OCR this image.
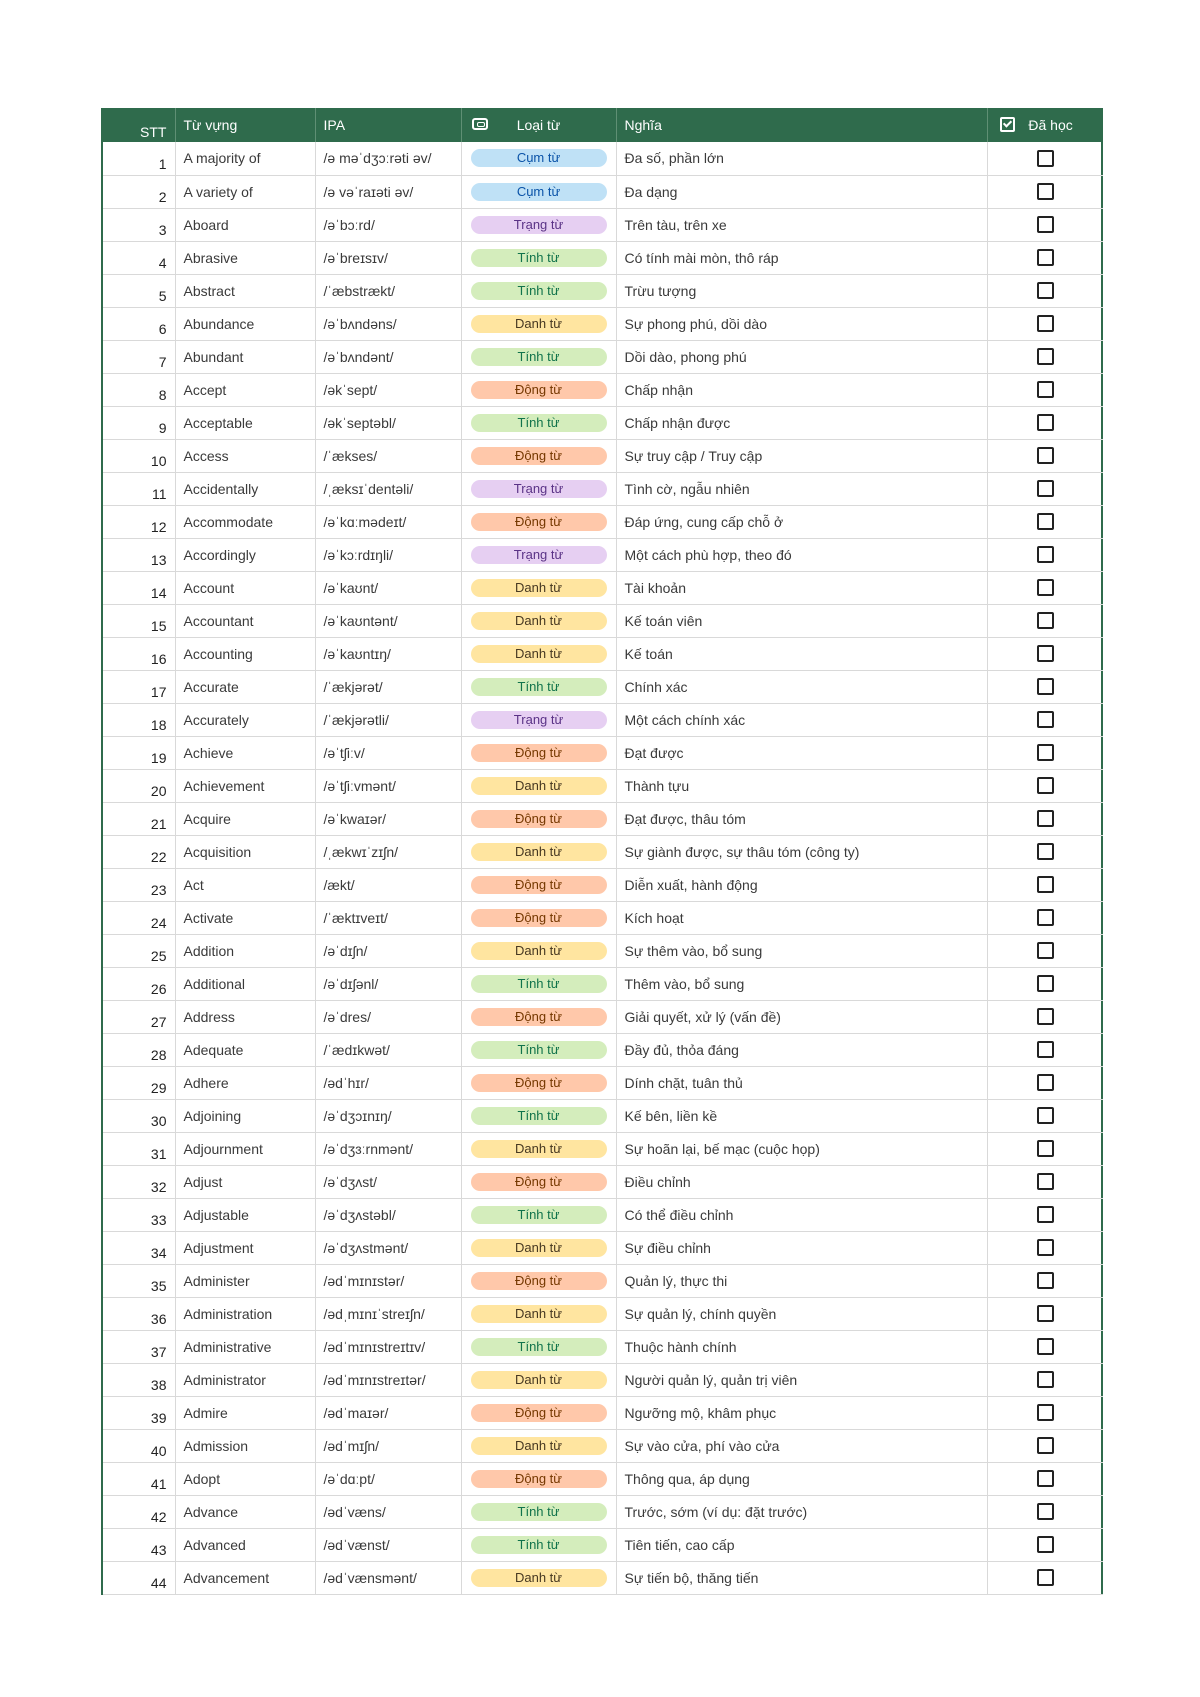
STT	Từ vựng	IPA	Loại từ	Nghĩa	Đã học
1	A majority of	/ə məˈdʒɔːrəti əv/	Cụm từ	Đa số, phần lớn	
2	A variety of	/ə vəˈraɪəti əv/	Cụm từ	Đa dạng	
3	Aboard	/əˈbɔːrd/	Trạng từ	Trên tàu, trên xe	
4	Abrasive	/əˈbreɪsɪv/	Tính từ	Có tính mài mòn, thô ráp	
5	Abstract	/ˈæbstrækt/	Tính từ	Trừu tượng	
6	Abundance	/əˈbʌndəns/	Danh từ	Sự phong phú, dồi dào	
7	Abundant	/əˈbʌndənt/	Tính từ	Dồi dào, phong phú	
8	Accept	/əkˈsept/	Động từ	Chấp nhận	
9	Acceptable	/əkˈseptəbl/	Tính từ	Chấp nhận được	
10	Access	/ˈækses/	Động từ	Sự truy cập / Truy cập	
11	Accidentally	/ˌæksɪˈdentəli/	Trạng từ	Tình cờ, ngẫu nhiên	
12	Accommodate	/əˈkɑːmədeɪt/	Động từ	Đáp ứng, cung cấp chỗ ở	
13	Accordingly	/əˈkɔːrdɪŋli/	Trạng từ	Một cách phù hợp, theo đó	
14	Account	/əˈkaʊnt/	Danh từ	Tài khoản	
15	Accountant	/əˈkaʊntənt/	Danh từ	Kế toán viên	
16	Accounting	/əˈkaʊntɪŋ/	Danh từ	Kế toán	
17	Accurate	/ˈækjərət/	Tính từ	Chính xác	
18	Accurately	/ˈækjərətli/	Trạng từ	Một cách chính xác	
19	Achieve	/əˈtʃiːv/	Động từ	Đạt được	
20	Achievement	/əˈtʃiːvmənt/	Danh từ	Thành tựu	
21	Acquire	/əˈkwaɪər/	Động từ	Đạt được, thâu tóm	
22	Acquisition	/ˌækwɪˈzɪʃn/	Danh từ	Sự giành được, sự thâu tóm (công ty)	
23	Act	/ækt/	Động từ	Diễn xuất, hành động	
24	Activate	/ˈæktɪveɪt/	Động từ	Kích hoạt	
25	Addition	/əˈdɪʃn/	Danh từ	Sự thêm vào, bổ sung	
26	Additional	/əˈdɪʃənl/	Tính từ	Thêm vào, bổ sung	
27	Address	/əˈdres/	Động từ	Giải quyết, xử lý (vấn đề)	
28	Adequate	/ˈædɪkwət/	Tính từ	Đầy đủ, thỏa đáng	
29	Adhere	/ədˈhɪr/	Động từ	Dính chặt, tuân thủ	
30	Adjoining	/əˈdʒɔɪnɪŋ/	Tính từ	Kế bên, liền kề	
31	Adjournment	/əˈdʒɜːrnmənt/	Danh từ	Sự hoãn lại, bế mạc (cuộc họp)	
32	Adjust	/əˈdʒʌst/	Động từ	Điều chỉnh	
33	Adjustable	/əˈdʒʌstəbl/	Tính từ	Có thể điều chỉnh	
34	Adjustment	/əˈdʒʌstmənt/	Danh từ	Sự điều chỉnh	
35	Administer	/ədˈmɪnɪstər/	Động từ	Quản lý, thực thi	
36	Administration	/ədˌmɪnɪˈstreɪʃn/	Danh từ	Sự quản lý, chính quyền	
37	Administrative	/ədˈmɪnɪstreɪtɪv/	Tính từ	Thuộc hành chính	
38	Administrator	/ədˈmɪnɪstreɪtər/	Danh từ	Người quản lý, quản trị viên	
39	Admire	/ədˈmaɪər/	Động từ	Ngưỡng mộ, khâm phục	
40	Admission	/ədˈmɪʃn/	Danh từ	Sự vào cửa, phí vào cửa	
41	Adopt	/əˈdɑːpt/	Động từ	Thông qua, áp dụng	
42	Advance	/ədˈvæns/	Tính từ	Trước, sớm (ví dụ: đặt trước)	
43	Advanced	/ədˈvænst/	Tính từ	Tiên tiến, cao cấp	
44	Advancement	/ədˈvænsmənt/	Danh từ	Sự tiến bộ, thăng tiến	
